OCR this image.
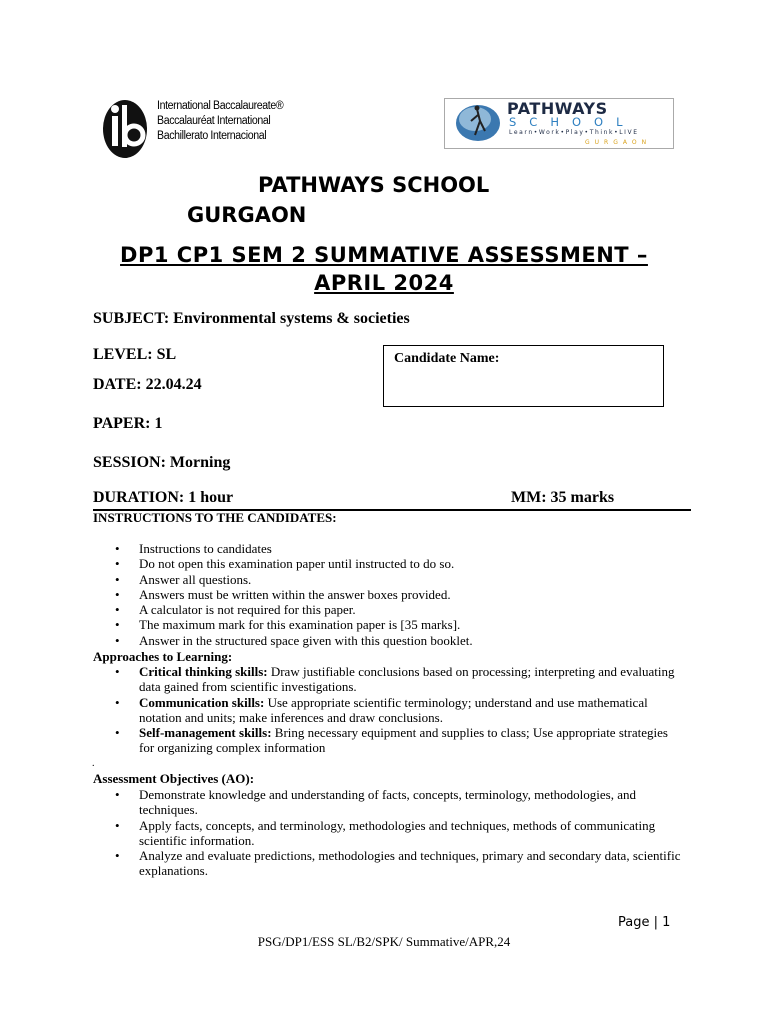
International Baccalaureate®
Baccalauréat International
Bachillerato Internacional
PATHWAYS
SCHOOL
Learn•Work•Play•Think•LIVE
GURGAON
PATHWAYS SCHOOL
GURGAON
DP1 CP1 SEM 2 SUMMATIVE ASSESSMENT –
APRIL 2024
SUBJECT: Environmental systems & societies
LEVEL: SL
DATE: 22.04.24
PAPER: 1
SESSION: Morning
Candidate Name:
DURATION: 1 hour	MM: 35 marks
INSTRUCTIONS TO THE CANDIDATES:
• Instructions to candidates
• Do not open this examination paper until instructed to do so.
• Answer all questions.
• Answers must be written within the answer boxes provided.
• A calculator is not required for this paper.
• The maximum mark for this examination paper is [35 marks].
• Answer in the structured space given with this question booklet.
Approaches to Learning:
• Critical thinking skills: Draw justifiable conclusions based on processing; interpreting and evaluating data gained from scientific investigations.
• Communication skills: Use appropriate scientific terminology; understand and use mathematical notation and units; make inferences and draw conclusions.
• Self-management skills: Bring necessary equipment and supplies to class; Use appropriate strategies for organizing complex information
.
Assessment Objectives (AO):
• Demonstrate knowledge and understanding of facts, concepts, terminology, methodologies, and techniques.
• Apply facts, concepts, and terminology, methodologies and techniques, methods of communicating scientific information.
• Analyze and evaluate predictions, methodologies and techniques, primary and secondary data, scientific explanations.
Page | 1
PSG/DP1/ESS SL/B2/SPK/ Summative/APR,24
